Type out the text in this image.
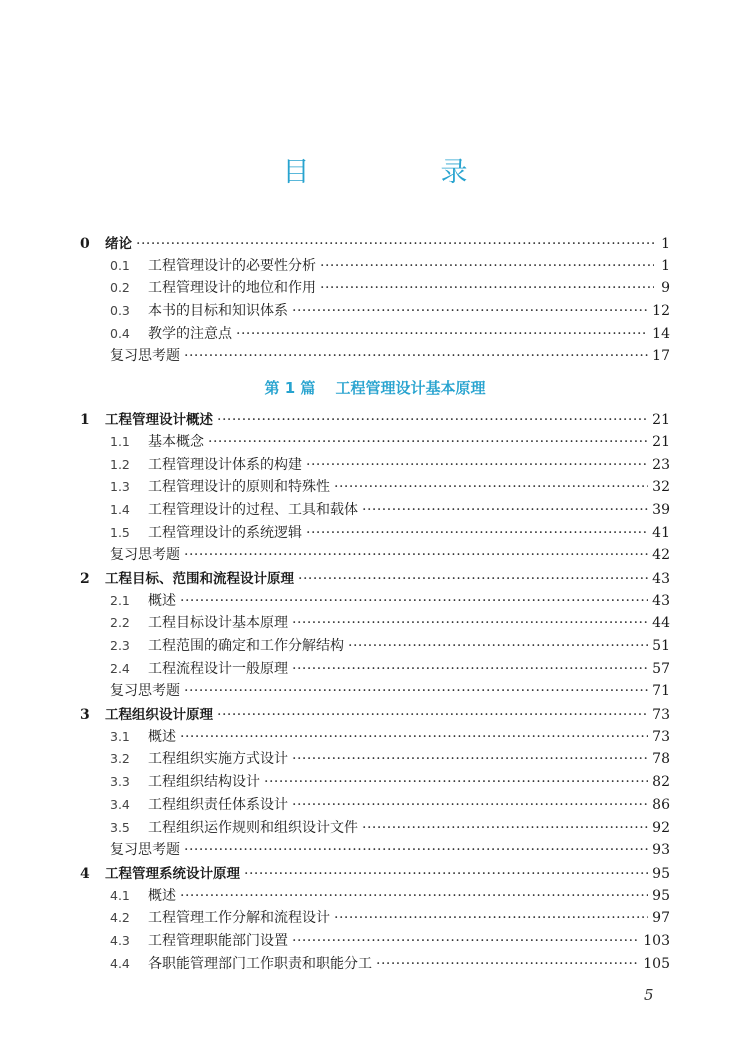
目　录
0	绪论 ·····	1
0.1	工程管理设计的必要性分析 ·····	1
0.2	工程管理设计的地位和作用 ·····	9
0.3	本书的目标和知识体系 ·····	12
0.4	教学的注意点 ·····	14
复习思考题 ·····	17
第 1 篇 工程管理设计基本原理
1	工程管理设计概述 ·····	21
1.1	基本概念 ·····	21
1.2	工程管理设计体系的构建 ·····	23
1.3	工程管理设计的原则和特殊性 ·····	32
1.4	工程管理设计的过程、工具和载体 ·····	39
1.5	工程管理设计的系统逻辑 ·····	41
复习思考题 ·····	42
2	工程目标、范围和流程设计原理 ·····	43
2.1	概述 ·····	43
2.2	工程目标设计基本原理 ·····	44
2.3	工程范围的确定和工作分解结构 ·····	51
2.4	工程流程设计一般原理 ·····	57
复习思考题 ·····	71
3	工程组织设计原理 ·····	73
3.1	概述 ·····	73
3.2	工程组织实施方式设计 ·····	78
3.3	工程组织结构设计 ·····	82
3.4	工程组织责任体系设计 ·····	86
3.5	工程组织运作规则和组织设计文件 ·····	92
复习思考题 ·····	93
4	工程管理系统设计原理 ·····	95
4.1	概述 ·····	95
4.2	工程管理工作分解和流程设计 ·····	97
4.3	工程管理职能部门设置 ·····	103
4.4	各职能管理部门工作职责和职能分工 ·····	105
5
